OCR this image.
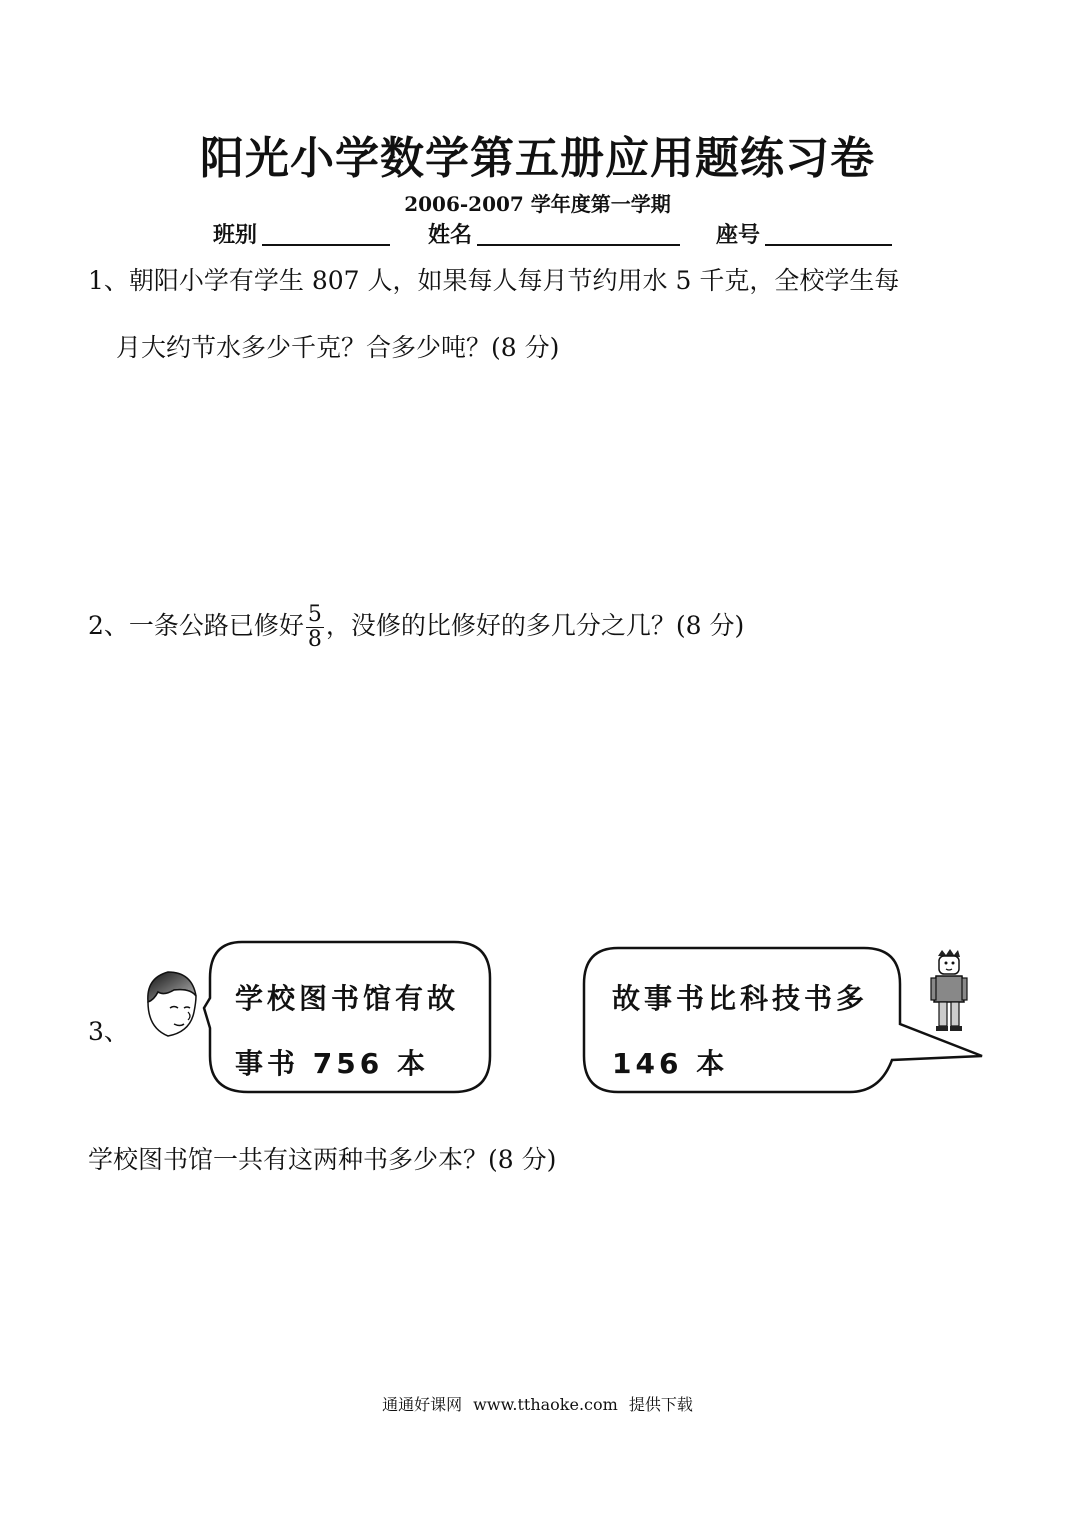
阳光小学数学第五册应用题练习卷
2006-2007 学年度第一学期
班别	姓名	座号
1、朝阳小学有学生 807 人，如果每人每月节约用水 5 千克，全校学生每
月大约节水多少千克？合多少吨？(8 分)
2、一条公路已修好 $\frac{5}{8}$ ，没修的比修好的多几分之几？(8 分)
3、
学校图书馆有故
事书 756 本
故事书比科技书多
146 本
学校图书馆一共有这两种书多少本？(8 分)
通通好课网 www.tthaoke.com 提供下载
